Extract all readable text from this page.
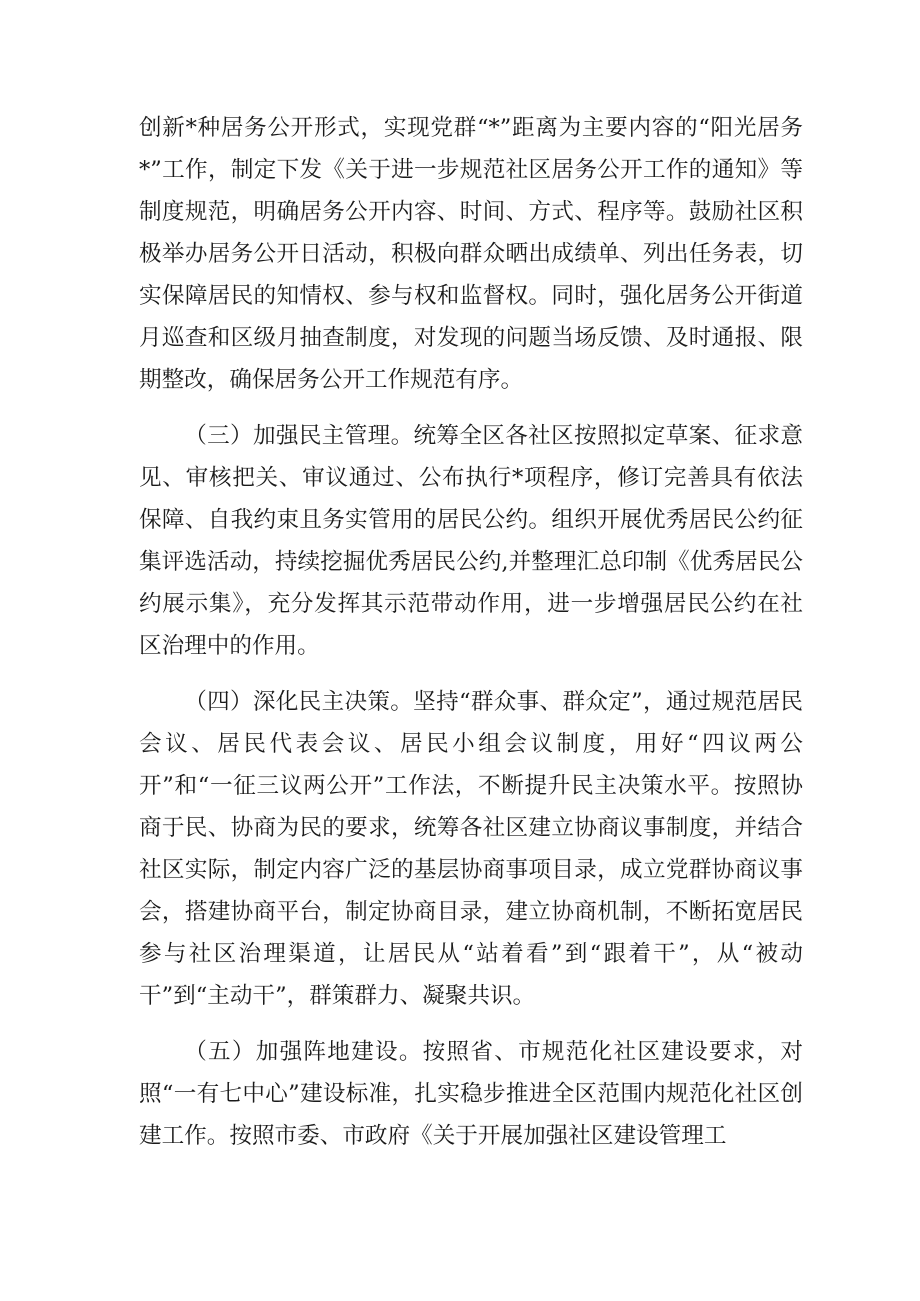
创新*种居务公开形式，实现党群“*”距离为主要内容的“阳光居务*”工作，制定下发《关于进一步规范社区居务公开工作的通知》等制度规范，明确居务公开内容、时间、方式、程序等。鼓励社区积极举办居务公开日活动，积极向群众晒出成绩单、列出任务表，切实保障居民的知情权、参与权和监督权。同时，强化居务公开街道月巡查和区级月抽查制度，对发现的问题当场反馈、及时通报、限期整改，确保居务公开工作规范有序。

（三）加强民主管理。统筹全区各社区按照拟定草案、征求意见、审核把关、审议通过、公布执行*项程序，修订完善具有依法保障、自我约束且务实管用的居民公约。组织开展优秀居民公约征集评选活动，持续挖掘优秀居民公约,并整理汇总印制《优秀居民公约展示集》，充分发挥其示范带动作用，进一步增强居民公约在社区治理中的作用。

（四）深化民主决策。坚持“群众事、群众定”，通过规范居民会议、居民代表会议、居民小组会议制度，用好“四议两公开”和“一征三议两公开”工作法，不断提升民主决策水平。按照协商于民、协商为民的要求，统筹各社区建立协商议事制度，并结合社区实际，制定内容广泛的基层协商事项目录，成立党群协商议事会，搭建协商平台，制定协商目录，建立协商机制，不断拓宽居民参与社区治理渠道，让居民从“站着看”到“跟着干”，从“被动干”到“主动干”，群策群力、凝聚共识。

（五）加强阵地建设。按照省、市规范化社区建设要求，对照“一有七中心”建设标准，扎实稳步推进全区范围内规范化社区创建工作。按照市委、市政府《关于开展加强社区建设管理工
